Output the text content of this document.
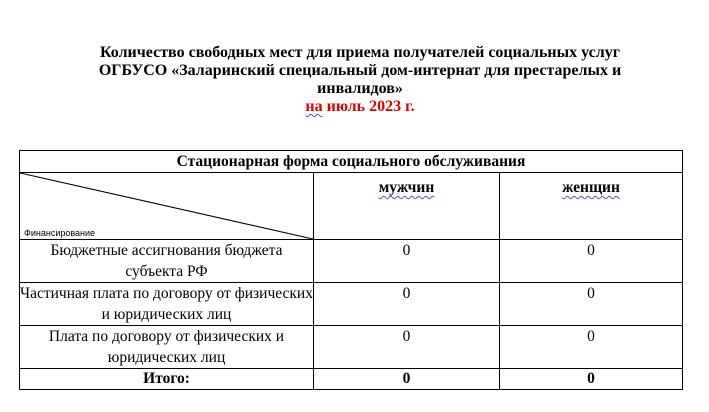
Количество свободных мест для приема получателей социальных услуг
ОГБУСО «Заларинский специальный дом-интернат для престарелых и
инвалидов»
на июль 2023 г.
Стационарная форма социального обслуживания		

Финансирование	мужчин	женщин
Бюджетные ассигнования бюджета субъекта РФ	0	0
Частичная плата по договору от физических и юридических лиц	0	0
Плата по договору от физических и юридических лиц	0	0
Итого:	0	0
